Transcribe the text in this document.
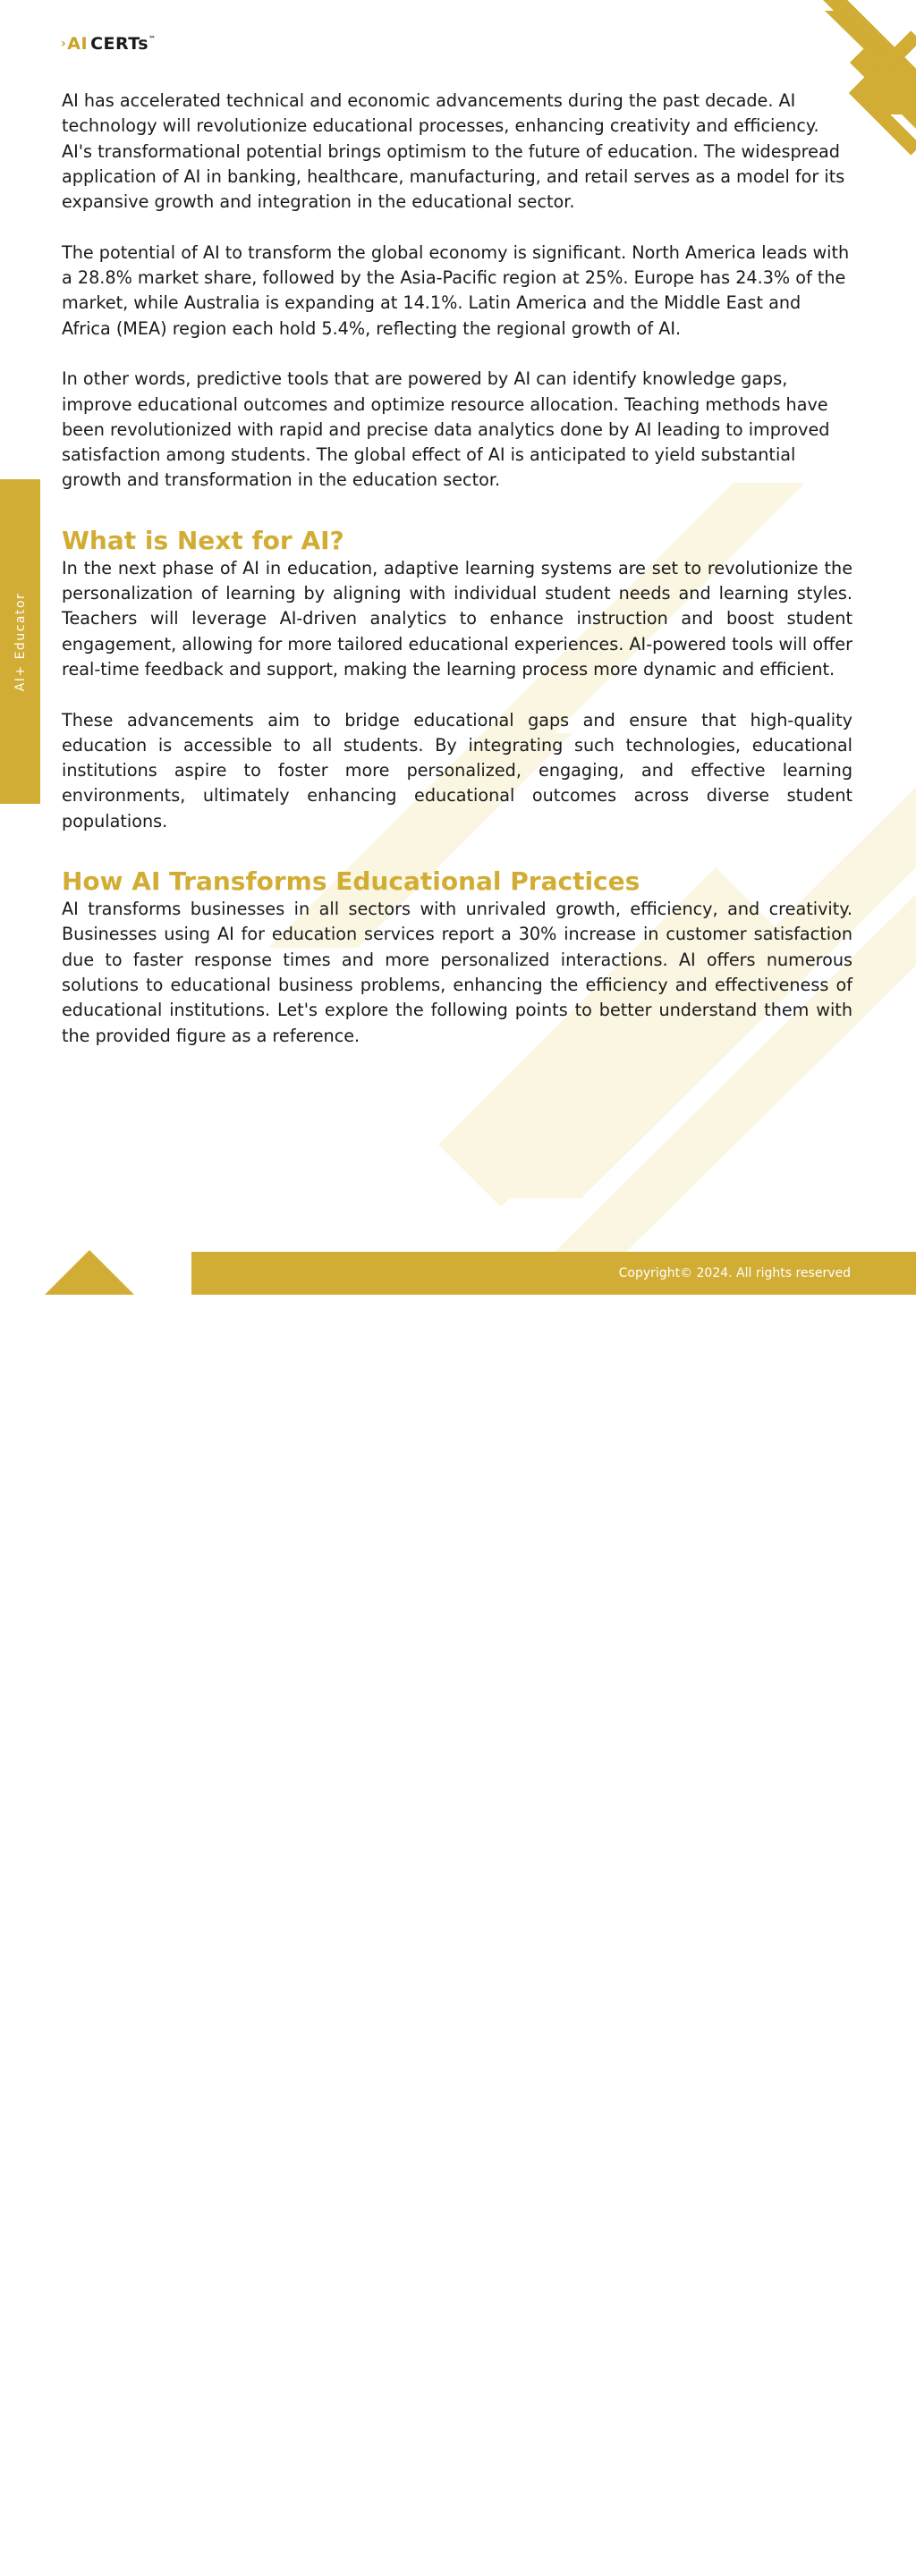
› AI CERTs ™
AI+ Educator

AI has accelerated technical and economic advancements during the past decade. AI technology will revolutionize educational processes, enhancing creativity and efficiency. AI's transformational potential brings optimism to the future of education. The widespread application of AI in banking, healthcare, manufacturing, and retail serves as a model for its expansive growth and integration in the educational sector.

The potential of AI to transform the global economy is significant. North America leads with a 28.8% market share, followed by the Asia-Pacific region at 25%. Europe has 24.3% of the market, while Australia is expanding at 14.1%. Latin America and the Middle East and Africa (MEA) region each hold 5.4%, reflecting the regional growth of AI.

In other words, predictive tools that are powered by AI can identify knowledge gaps, improve educational outcomes and optimize resource allocation. Teaching methods have been revolutionized with rapid and precise data analytics done by AI leading to improved satisfaction among students. The global effect of AI is anticipated to yield substantial growth and transformation in the education sector.

What is Next for AI?

In the next phase of AI in education, adaptive learning systems are set to revolutionize the personalization of learning by aligning with individual student needs and learning styles. Teachers will leverage AI-driven analytics to enhance instruction and boost student engagement, allowing for more tailored educational experiences. AI-powered tools will offer real-time feedback and support, making the learning process more dynamic and efficient.

These advancements aim to bridge educational gaps and ensure that high-quality education is accessible to all students. By integrating such technologies, educational institutions aspire to foster more personalized, engaging, and effective learning environments, ultimately enhancing educational outcomes across diverse student populations.

How AI Transforms Educational Practices

AI transforms businesses in all sectors with unrivaled growth, efficiency, and creativity. Businesses using AI for education services report a 30% increase in customer satisfaction due to faster response times and more personalized interactions. AI offers numerous solutions to educational business problems, enhancing the efficiency and effectiveness of educational institutions. Let's explore the following points to better understand them with the provided figure as a reference.

3
Copyright© 2024. All rights reserved
